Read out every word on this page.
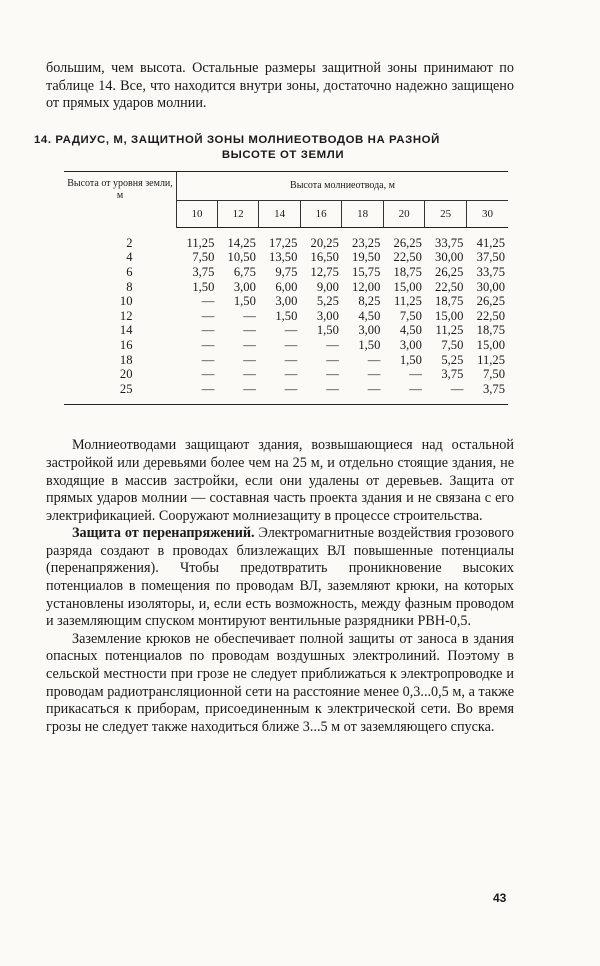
большим, чем высота. Остальные размеры защитной зоны принимают по таблице 14. Все, что находится внутри зоны, достаточно надежно защищено от прямых ударов молнии.

14. РАДИУС, М, ЗАЩИТНОЙ ЗОНЫ МОЛНИЕОТВОДОВ НА РАЗНОЙ
ВЫСОТЕ ОТ ЗЕМЛИ
Высота от уровня земли, м	Высота молниеотвода, м							
	10	12	14	16	18	20	25	30
2	11,25	14,25	17,25	20,25	23,25	26,25	33,75	41,25
4	7,50	10,50	13,50	16,50	19,50	22,50	30,00	37,50
6	3,75	6,75	9,75	12,75	15,75	18,75	26,25	33,75
8	1,50	3,00	6,00	9,00	12,00	15,00	22,50	30,00
10	—	1,50	3,00	5,25	8,25	11,25	18,75	26,25
12	—	—	1,50	3,00	4,50	7,50	15,00	22,50
14	—	—	—	1,50	3,00	4,50	11,25	18,75
16	—	—	—	—	1,50	3,00	7,50	15,00
18	—	—	—	—	—	1,50	5,25	11,25
20	—	—	—	—	—	—	3,75	7,50
25	—	—	—	—	—	—	—	3,75

Молниеотводами защищают здания, возвышающиеся над остальной застройкой или деревьями более чем на 25 м, и отдельно стоящие здания, не входящие в массив застройки, если они удалены от деревьев. Защита от прямых ударов молнии — составная часть проекта здания и не связана с его электрификацией. Сооружают молниезащиту в процессе строительства.

Защита от перенапряжений. Электромагнитные воздействия грозового разряда создают в проводах близлежащих ВЛ повышенные потенциалы (перенапряжения). Чтобы предотвратить проникновение высоких потенциалов в помещения по проводам ВЛ, заземляют крюки, на которых установлены изоляторы, и, если есть возможность, между фазным проводом и заземляющим спуском монтируют вентильные разрядники РВН-0,5.

Заземление крюков не обеспечивает полной защиты от заноса в здания опасных потенциалов по проводам воздушных электролиний. Поэтому в сельской местности при грозе не следует приближаться к электропроводке и проводам радиотрансляционной сети на расстояние менее 0,3...0,5 м, а также прикасаться к приборам, присоединенным к электрической сети. Во время грозы не следует также находиться ближе 3...5 м от заземляющего спуска.

43
